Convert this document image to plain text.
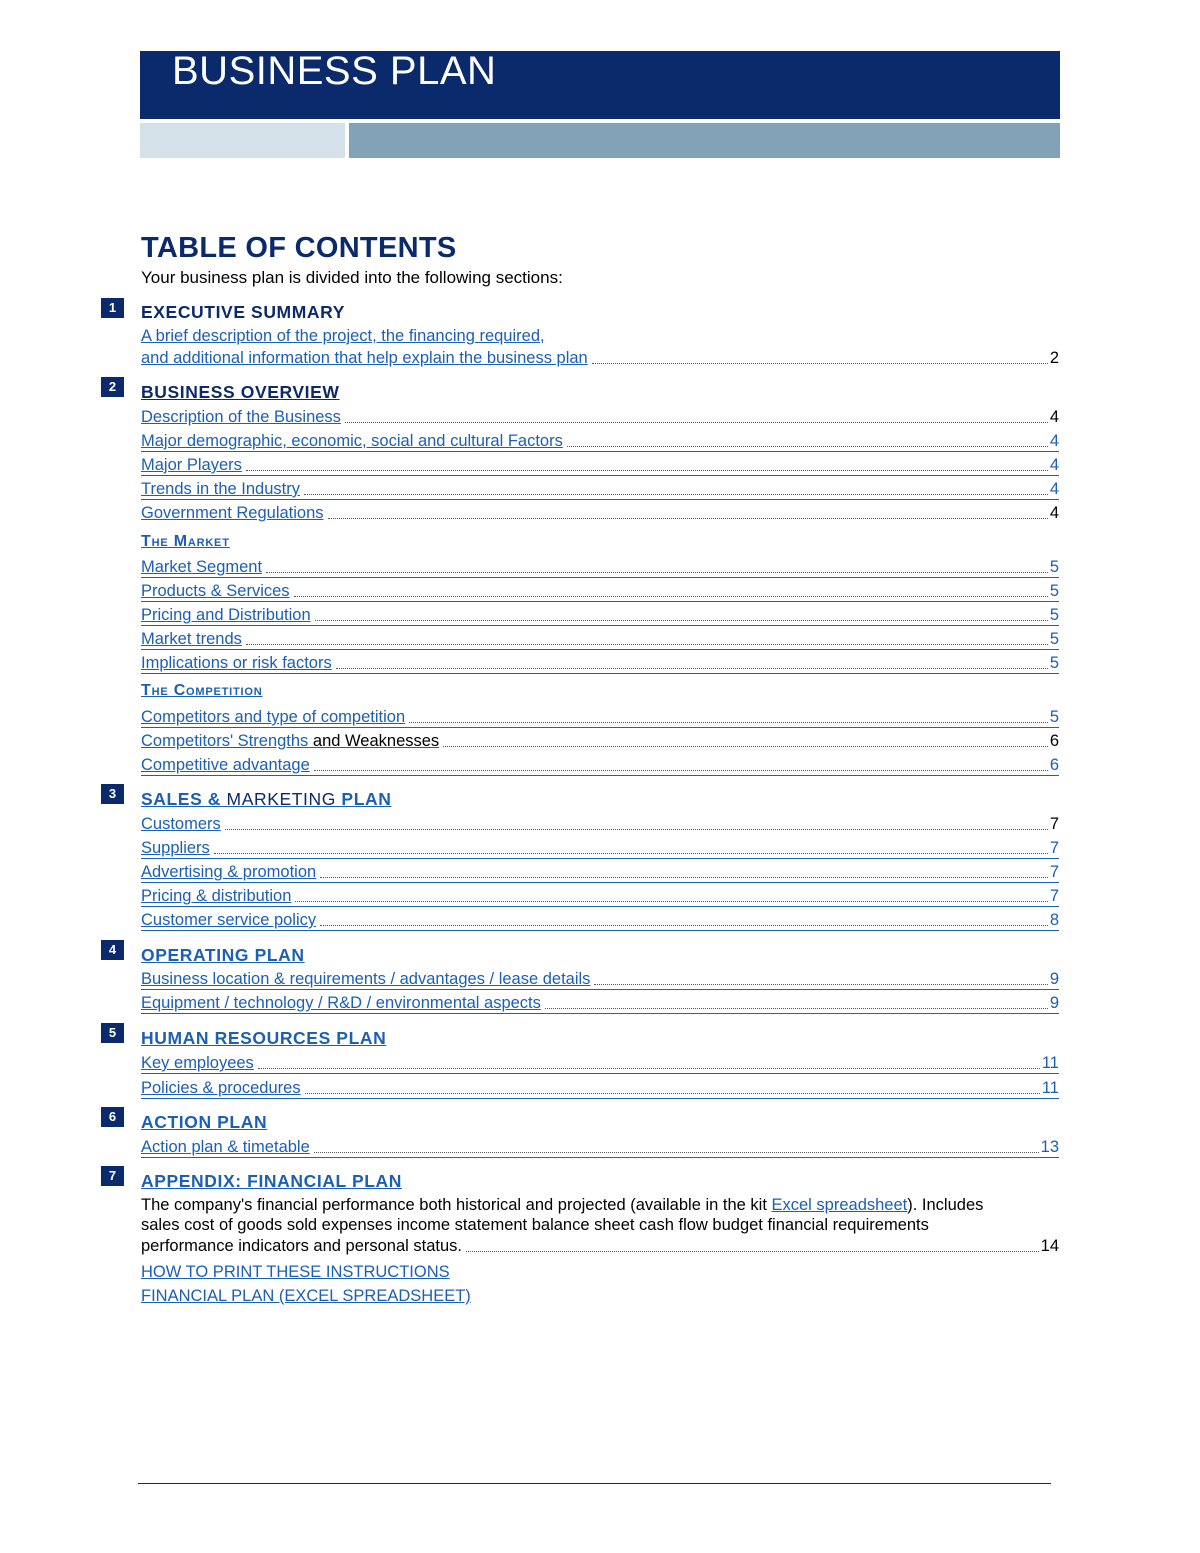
BUSINESS PLAN
TABLE OF CONTENTS
Your business plan is divided into the following sections:
1	EXECUTIVE SUMMARY
A brief description of the project, the financing required,
and additional information that help explain the business plan	2
2	BUSINESS OVERVIEW
Description of the Business	4
Major demographic, economic, social and cultural Factors	4
Major Players	4
Trends in the Industry	4
Government Regulations	4
The Market
Market Segment	5
Products & Services	5
Pricing and Distribution	5
Market trends	5
Implications or risk factors	5
The Competition
Competitors and type of competition	5
Competitors' Strengths and Weaknesses	6
Competitive advantage	6
3	SALES & MARKETING PLAN
Customers	7
Suppliers	7
Advertising & promotion	7
Pricing & distribution	7
Customer service policy	8
4	OPERATING PLAN
Business location & requirements / advantages / lease details	9
Equipment / technology / R&D / environmental aspects	9
5	HUMAN RESOURCES PLAN
Key employees	11
Policies & procedures	11
6	ACTION PLAN
Action plan & timetable	13
7	APPENDIX: FINANCIAL PLAN
The company's financial performance both historical and projected (available in the kit Excel spreadsheet). Includes
sales cost of goods sold expenses income statement balance sheet cash flow budget financial requirements
performance indicators and personal status.	14
HOW TO PRINT THESE INSTRUCTIONS
FINANCIAL PLAN (EXCEL SPREADSHEET)
